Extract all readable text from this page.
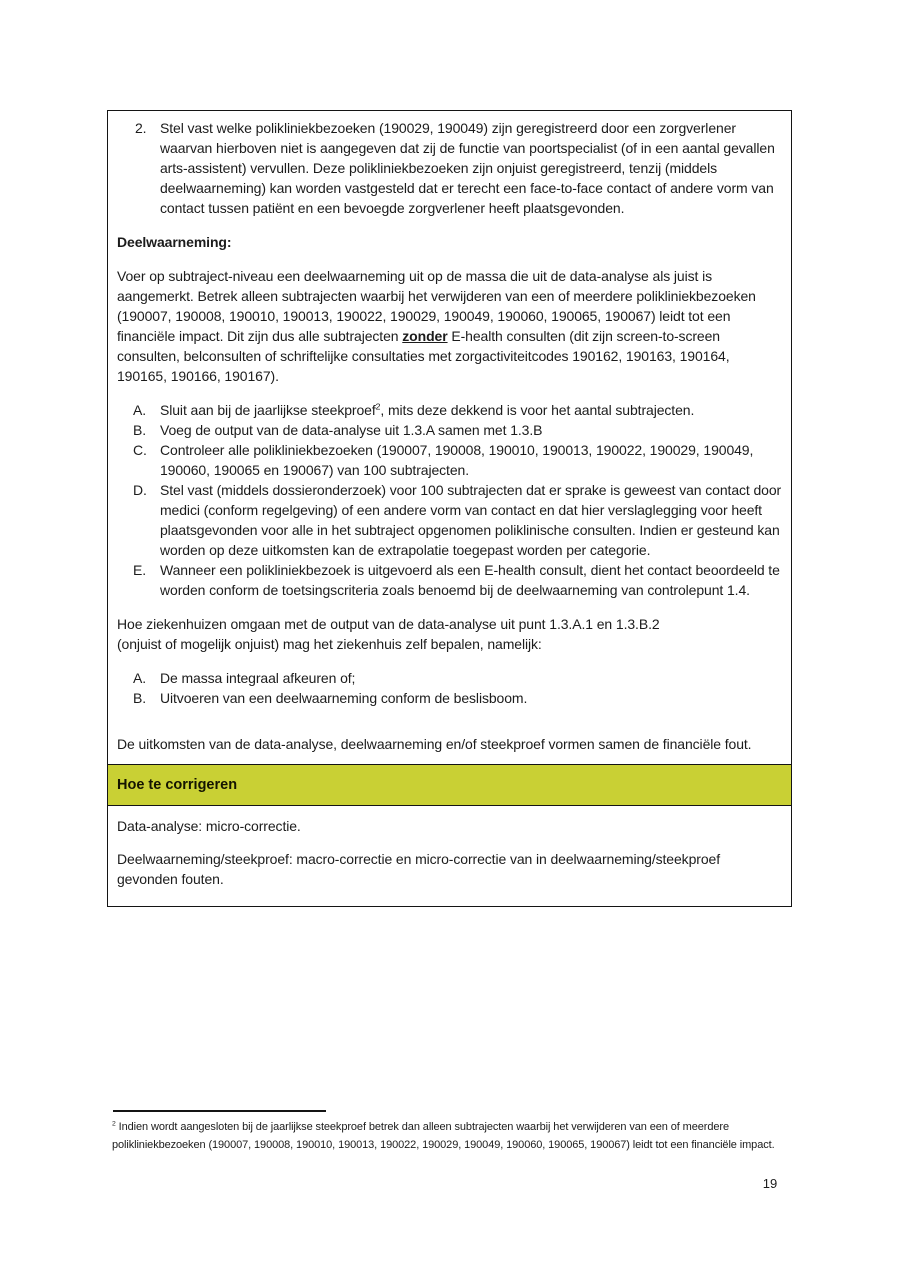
2. Stel vast welke polikliniekbezoeken (190029, 190049) zijn geregistreerd door een zorgverlener waarvan hierboven niet is aangegeven dat zij de functie van poortspecialist (of in een aantal gevallen arts-assistent) vervullen. Deze polikliniekbezoeken zijn onjuist geregistreerd, tenzij (middels deelwaarneming) kan worden vastgesteld dat er terecht een face-to-face contact of andere vorm van contact tussen patiënt en een bevoegde zorgverlener heeft plaatsgevonden.
Deelwaarneming:
Voer op subtraject-niveau een deelwaarneming uit op de massa die uit de data-analyse als juist is aangemerkt. Betrek alleen subtrajecten waarbij het verwijderen van een of meerdere polikliniekbezoeken (190007, 190008, 190010, 190013, 190022, 190029, 190049, 190060, 190065, 190067) leidt tot een financiële impact. Dit zijn dus alle subtrajecten zonder E-health consulten (dit zijn screen-to-screen consulten, belconsulten of schriftelijke consultaties met zorgactiviteitcodes 190162, 190163, 190164, 190165, 190166, 190167).
A. Sluit aan bij de jaarlijkse steekproef$^2$, mits deze dekkend is voor het aantal subtrajecten.
B. Voeg de output van de data-analyse uit 1.3.A samen met 1.3.B
C. Controleer alle polikliniekbezoeken (190007, 190008, 190010, 190013, 190022, 190029, 190049, 190060, 190065 en 190067) van 100 subtrajecten.
D. Stel vast (middels dossieronderzoek) voor 100 subtrajecten dat er sprake is geweest van contact door medici (conform regelgeving) of een andere vorm van contact en dat hier verslaglegging voor heeft plaatsgevonden voor alle in het subtraject opgenomen poliklinische consulten. Indien er gesteund kan worden op deze uitkomsten kan de extrapolatie toegepast worden per categorie.
E. Wanneer een polikliniekbezoek is uitgevoerd als een E-health consult, dient het contact beoordeeld te worden conform de toetsingscriteria zoals benoemd bij de deelwaarneming van controlepunt 1.4.
Hoe ziekenhuizen omgaan met de output van de data-analyse uit punt 1.3.A.1 en 1.3.B.2
(onjuist of mogelijk onjuist) mag het ziekenhuis zelf bepalen, namelijk:
A. De massa integraal afkeuren of;
B. Uitvoeren van een deelwaarneming conform de beslisboom.
De uitkomsten van de data-analyse, deelwaarneming en/of steekproef vormen samen de financiële fout.
Hoe te corrigeren
Data-analyse: micro-correctie.
Deelwaarneming/steekproef: macro-correctie en micro-correctie van in deelwaarneming/steekproef gevonden fouten.
$^2$ Indien wordt aangesloten bij de jaarlijkse steekproef betrek dan alleen subtrajecten waarbij het verwijderen van een of meerdere polikliniekbezoeken (190007, 190008, 190010, 190013, 190022, 190029, 190049, 190060, 190065, 190067) leidt tot een financiële impact.
19
